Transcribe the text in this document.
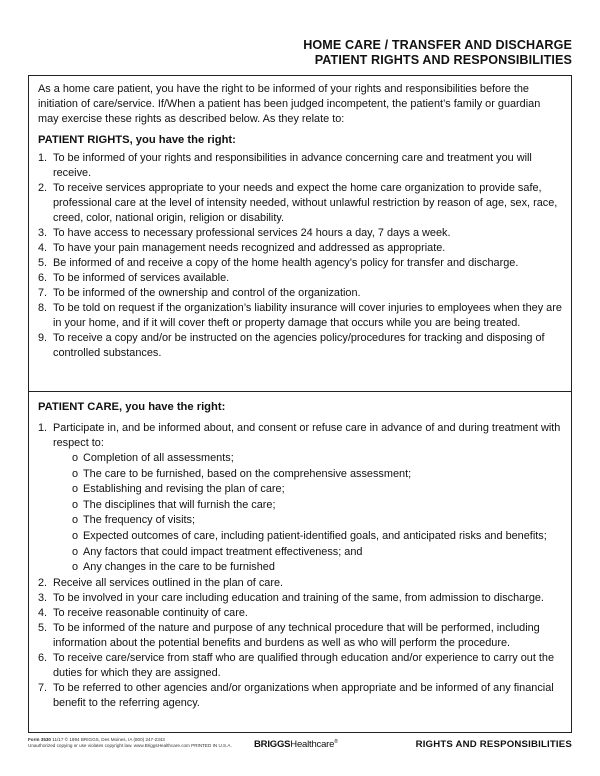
HOME CARE / TRANSFER AND DISCHARGE
PATIENT RIGHTS AND RESPONSIBILITIES

As a home care patient, you have the right to be informed of your rights and responsibilities before the initiation of care/service. If/When a patient has been judged incompetent, the patient’s family or guardian may exercise these rights as described below. As they relate to:

PATIENT RIGHTS, you have the right:
1. To be informed of your rights and responsibilities in advance concerning care and treatment you will receive.
2. To receive services appropriate to your needs and expect the home care organization to provide safe, professional care at the level of intensity needed, without unlawful restriction by reason of age, sex, race, creed, color, national origin, religion or disability.
3. To have access to necessary professional services 24 hours a day, 7 days a week.
4. To have your pain management needs recognized and addressed as appropriate.
5. Be informed of and receive a copy of the home health agency’s policy for transfer and discharge.
6. To be informed of services available.
7. To be informed of the ownership and control of the organization.
8. To be told on request if the organization’s liability insurance will cover injuries to employees when they are in your home, and if it will cover theft or property damage that occurs while you are being treated.
9. To receive a copy and/or be instructed on the agencies policy/procedures for tracking and disposing of controlled substances.
PATIENT CARE, you have the right:
1. Participate in, and be informed about, and consent or refuse care in advance of and during treatment with respect to:
o Completion of all assessments;
o The care to be furnished, based on the comprehensive assessment;
o Establishing and revising the plan of care;
o The disciplines that will furnish the care;
o The frequency of visits;
o Expected outcomes of care, including patient-identified goals, and anticipated risks and benefits;
o Any factors that could impact treatment effectiveness; and
o Any changes in the care to be furnished
2. Receive all services outlined in the plan of care.
3. To be involved in your care including education and training of the same, from admission to discharge.
4. To receive reasonable continuity of care.
5. To be informed of the nature and purpose of any technical procedure that will be performed, including information about the potential benefits and burdens as well as who will perform the procedure.
6. To receive care/service from staff who are qualified through education and/or experience to carry out the duties for which they are assigned.
7. To be referred to other agencies and/or organizations when appropriate and be informed of any financial benefit to the referring agency.
Form 3530 11/17 © 1994 BRIGGS, Des Moines, IA (800) 247-2343
Unauthorized copying or use violates copyright law. www.BriggsHealthcare.com PRINTED IN U.S.A. BRIGGSHealthcare®	RIGHTS AND RESPONSIBILITIES
